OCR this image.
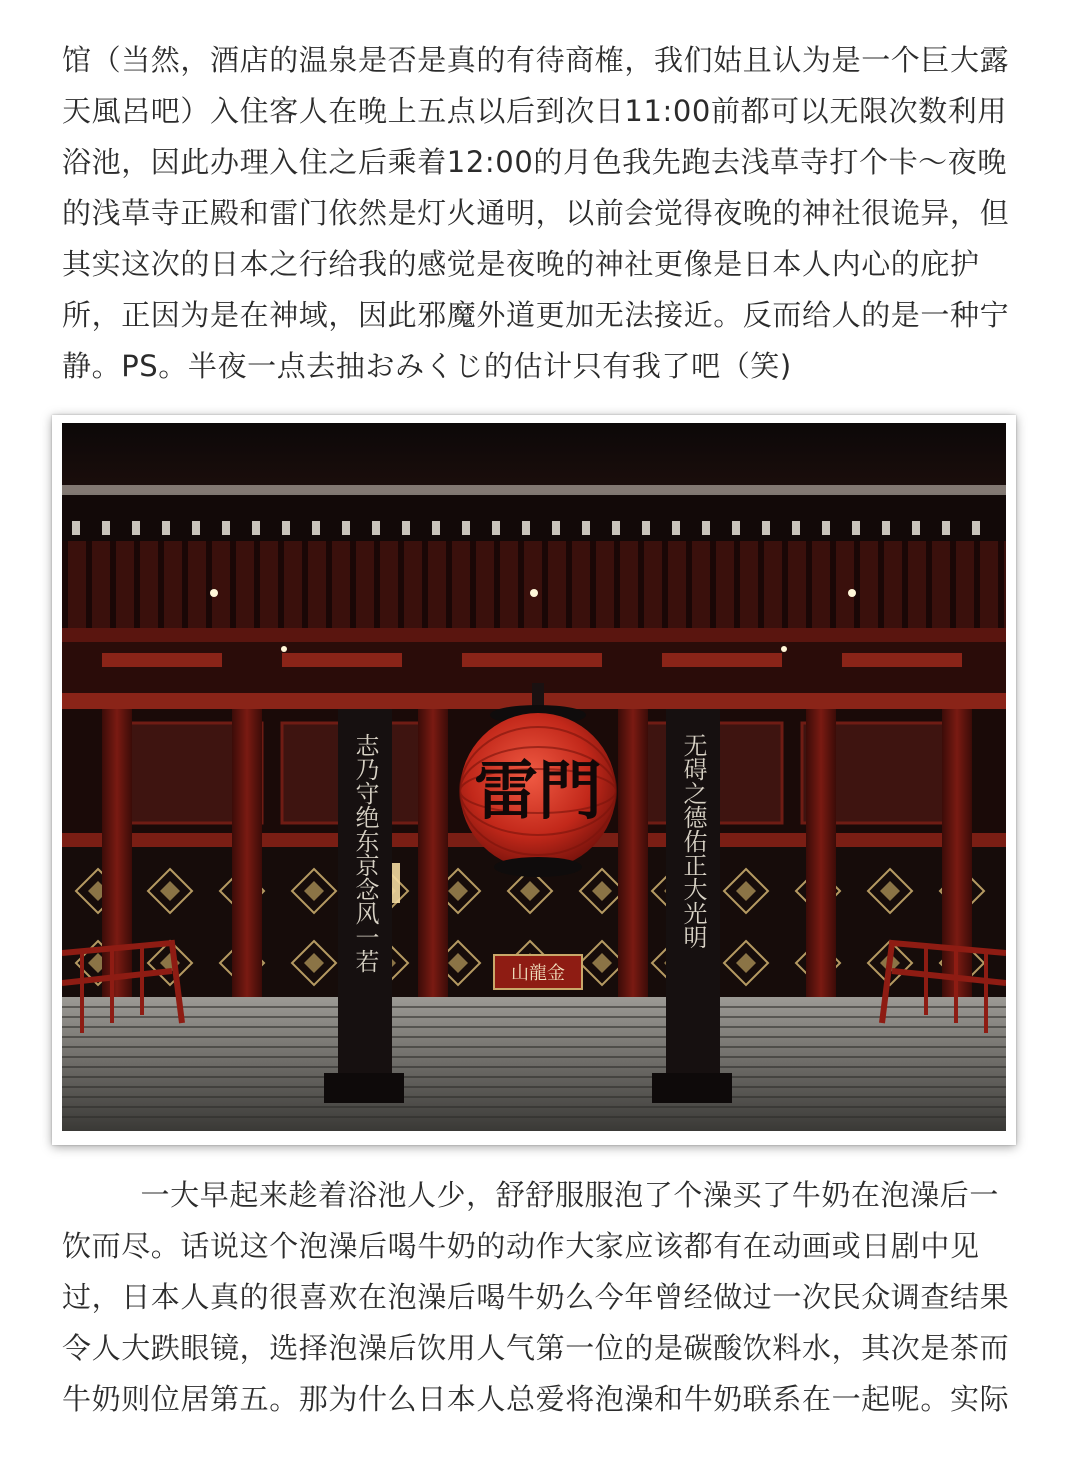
馆（当然，酒店的温泉是否是真的有待商榷，我们姑且认为是一个巨大露
天風呂吧）入住客人在晚上五点以后到次日11:00前都可以无限次数利用
浴池，因此办理入住之后乘着12:00的月色我先跑去浅草寺打个卡～夜晚
的浅草寺正殿和雷门依然是灯火通明，以前会觉得夜晚的神社很诡异，但
其实这次的日本之行给我的感觉是夜晚的神社更像是日本人内心的庇护
所，正因为是在神域，因此邪魔外道更加无法接近。反而给人的是一种宁
静。PS。半夜一点去抽おみくじ的估计只有我了吧（笑)
山龍金
志乃守绝东京念风一若	无碍之德佑正大光明
雷門
一大早起来趁着浴池人少，舒舒服服泡了个澡买了牛奶在泡澡后一
饮而尽。话说这个泡澡后喝牛奶的动作大家应该都有在动画或日剧中见
过，日本人真的很喜欢在泡澡后喝牛奶么今年曾经做过一次民众调查结果
令人大跌眼镜，选择泡澡后饮用人气第一位的是碳酸饮料水，其次是茶而
牛奶则位居第五。那为什么日本人总爱将泡澡和牛奶联系在一起呢。实际
